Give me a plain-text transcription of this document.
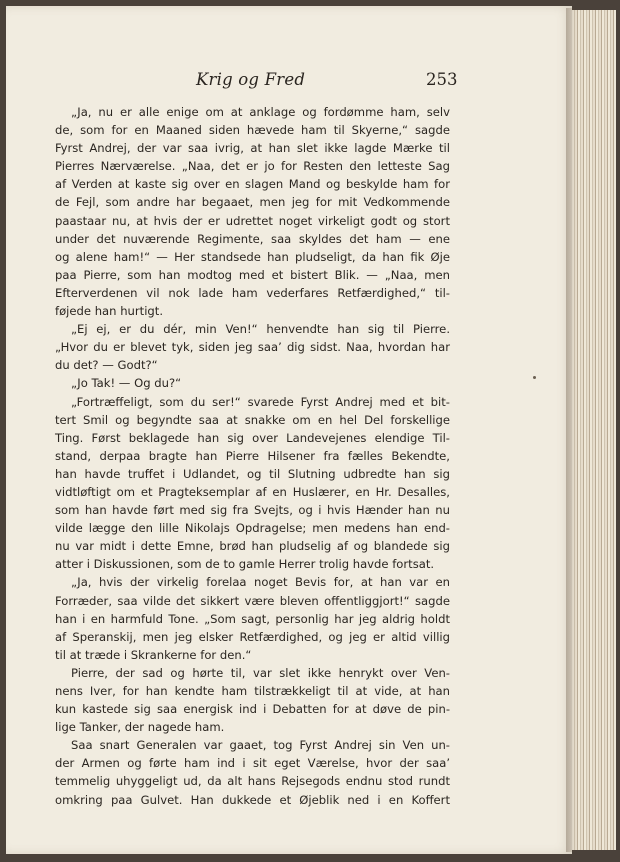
Krig og Fred	253
„Ja, nu er alle enige om at anklage og fordømme ham, selv
de, som for en Maaned siden hævede ham til Skyerne,“ sagde
Fyrst Andrej, der var saa ivrig, at han slet ikke lagde Mærke til
Pierres Nærværelse. „Naa, det er jo for Resten den letteste Sag
af Verden at kaste sig over en slagen Mand og beskylde ham for
de Fejl, som andre har begaaet, men jeg for mit Vedkommende
paastaar nu, at hvis der er udrettet noget virkeligt godt og stort
under det nuværende Regimente, saa skyldes det ham — ene
og alene ham!“ — Her standsede han pludseligt, da han fik Øje
paa Pierre, som han modtog med et bistert Blik. — „Naa, men
Efterverdenen vil nok lade ham vederfares Retfærdighed,“ til-
føjede han hurtigt.
„Ej ej, er du dér, min Ven!“ henvendte han sig til Pierre.
„Hvor du er blevet tyk, siden jeg saa’ dig sidst. Naa, hvordan har
du det? — Godt?“
„Jo Tak! — Og du?“
„Fortræffeligt, som du ser!“ svarede Fyrst Andrej med et bit-
tert Smil og begyndte saa at snakke om en hel Del forskellige
Ting. Først beklagede han sig over Landevejenes elendige Til-
stand, derpaa bragte han Pierre Hilsener fra fælles Bekendte,
han havde truffet i Udlandet, og til Slutning udbredte han sig
vidtløftigt om et Pragteksemplar af en Huslærer, en Hr. Desalles,
som han havde ført med sig fra Svejts, og i hvis Hænder han nu
vilde lægge den lille Nikolajs Opdragelse; men medens han end-
nu var midt i dette Emne, brød han pludselig af og blandede sig
atter i Diskussionen, som de to gamle Herrer trolig havde fortsat.
„Ja, hvis der virkelig forelaa noget Bevis for, at han var en
Forræder, saa vilde det sikkert være bleven offentliggjort!“ sagde
han i en harmfuld Tone. „Som sagt, personlig har jeg aldrig holdt
af Speranskij, men jeg elsker Retfærdighed, og jeg er altid villig
til at træde i Skrankerne for den.“
Pierre, der sad og hørte til, var slet ikke henrykt over Ven-
nens Iver, for han kendte ham tilstrækkeligt til at vide, at han
kun kastede sig saa energisk ind i Debatten for at døve de pin-
lige Tanker, der nagede ham.
Saa snart Generalen var gaaet, tog Fyrst Andrej sin Ven un-
der Armen og førte ham ind i sit eget Værelse, hvor der saa’
temmelig uhyggeligt ud, da alt hans Rejsegods endnu stod rundt
omkring paa Gulvet. Han dukkede et Øjeblik ned i en Koffert
